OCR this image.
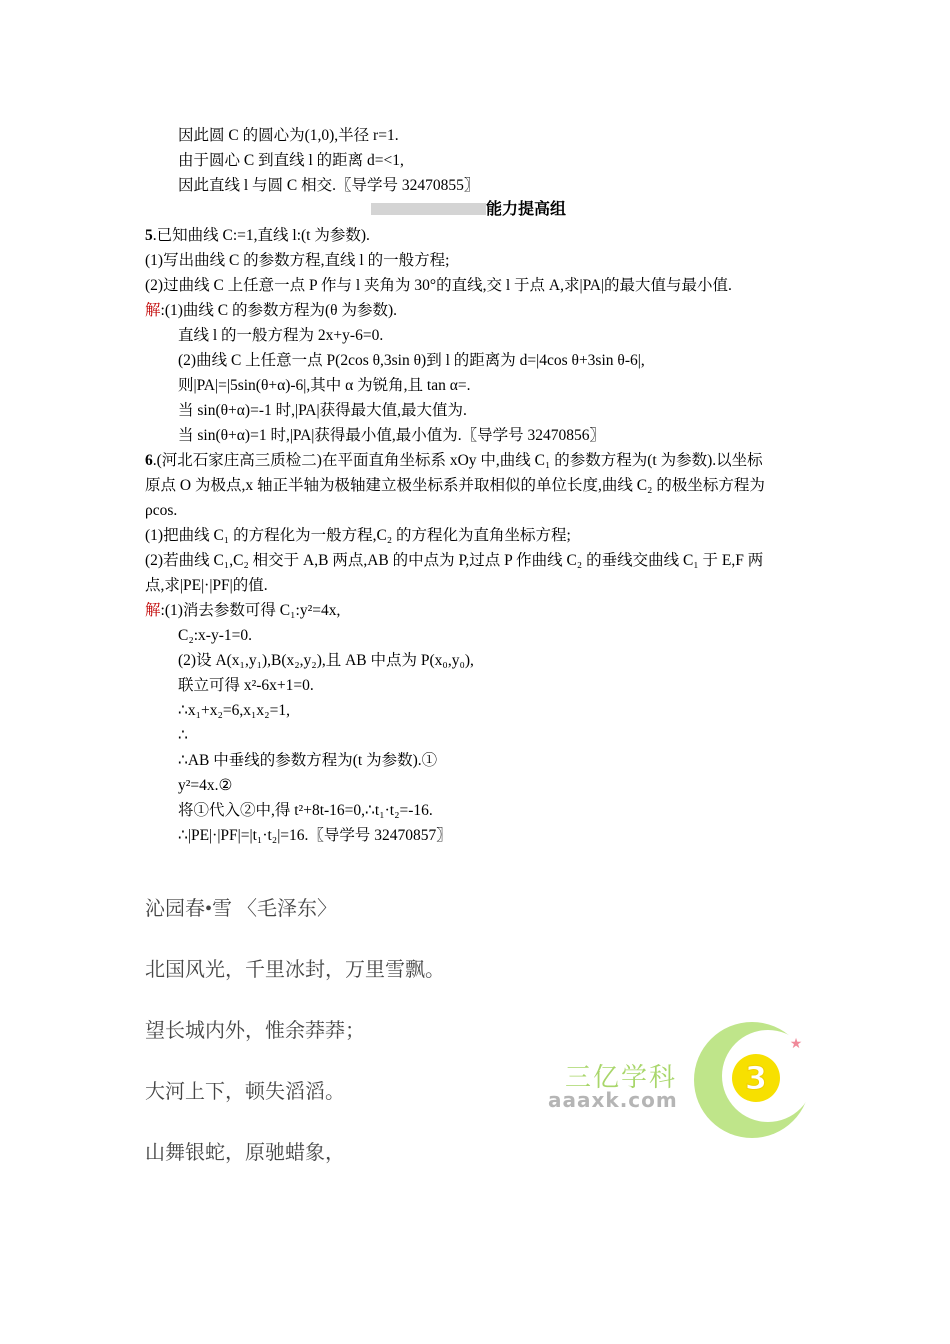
因此圆 C 的圆心为(1,0),半径 r=1.
由于圆心 C 到直线 l 的距离 d=<1,
因此直线 l 与圆 C 相交.〖导学号 32470855〗
能力提高组
5.已知曲线 C:=1,直线 l:(t 为参数).
(1)写出曲线 C 的参数方程,直线 l 的一般方程;
(2)过曲线 C 上任意一点 P 作与 l 夹角为 30°的直线,交 l 于点 A,求|PA|的最大值与最小值.
解:(1)曲线 C 的参数方程为(θ 为参数).
直线 l 的一般方程为 2x+y-6=0.
(2)曲线 C 上任意一点 P(2cos θ,3sin θ)到 l 的距离为 d=|4cos θ+3sin θ-6|,
则|PA|=|5sin(θ+α)-6|,其中 α 为锐角,且 tan α=.
当 sin(θ+α)=-1 时,|PA|获得最大值,最大值为.
当 sin(θ+α)=1 时,|PA|获得最小值,最小值为.〖导学号 32470856〗
6.(河北石家庄高三质检二)在平面直角坐标系 xOy 中,曲线 C₁ 的参数方程为(t 为参数).以坐标
原点 O 为极点,x 轴正半轴为极轴建立极坐标系并取相似的单位长度,曲线 C₂ 的极坐标方程为
ρcos.
(1)把曲线 C₁ 的方程化为一般方程,C₂ 的方程化为直角坐标方程;
(2)若曲线 C₁,C₂ 相交于 A,B 两点,AB 的中点为 P,过点 P 作曲线 C₂ 的垂线交曲线 C₁ 于 E,F 两
点,求|PE|·|PF|的值.
解:(1)消去参数可得 C₁:y²=4x,
C₂:x-y-1=0.
(2)设 A(x₁,y₁),B(x₂,y₂),且 AB 中点为 P(x₀,y₀),
联立可得 x²-6x+1=0.
∴x₁+x₂=6,x₁x₂=1,
∴
∴AB 中垂线的参数方程为(t 为参数).①
y²=4x.②
将①代入②中,得 t²+8t-16=0,∴t₁·t₂=-16.
∴|PE|·|PF|=|t₁·t₂|=16.〖导学号 32470857〗
沁园春•雪 〈毛泽东〉
北国风光，千里冰封，万里雪飘。
望长城内外，惟余莽莽；
大河上下，顿失滔滔。
山舞银蛇，原驰蜡象，
三亿学科
aaaxk.com
3
★
